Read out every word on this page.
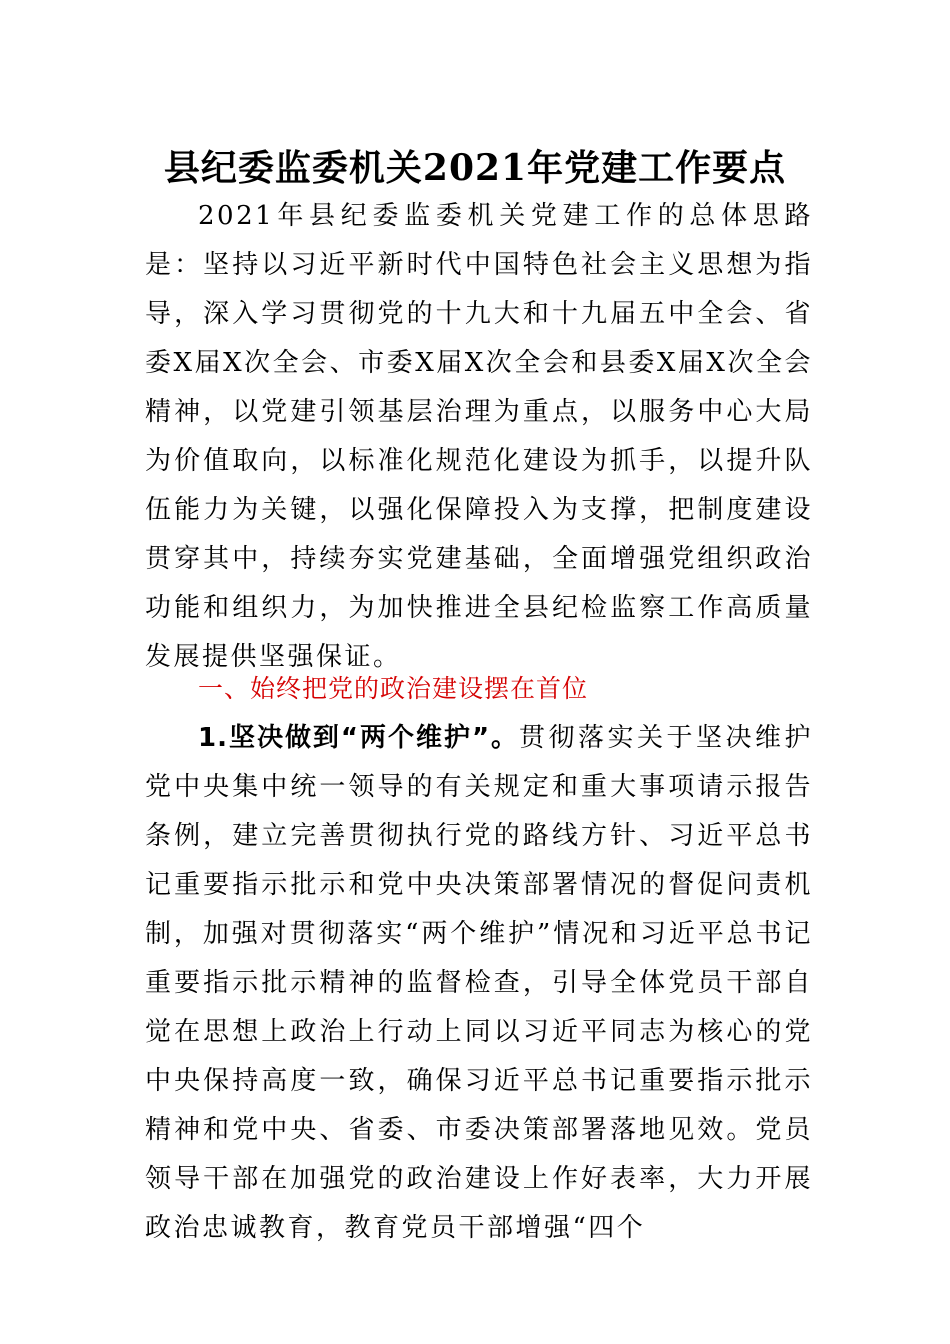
县纪委监委机关2021年党建工作要点

2021年县纪委监委机关党建工作的总体思路是：坚持以习近平新时代中国特色社会主义思想为指导，深入学习贯彻党的十九大和十九届五中全会、省委X届X次全会、市委X届X次全会和县委X届X次全会精神，以党建引领基层治理为重点，以服务中心大局为价值取向，以标准化规范化建设为抓手，以提升队伍能力为关键，以强化保障投入为支撑，把制度建设贯穿其中，持续夯实党建基础，全面增强党组织政治功能和组织力，为加快推进全县纪检监察工作高质量发展提供坚强保证。

一、始终把党的政治建设摆在首位

1.坚决做到“两个维护”。贯彻落实关于坚决维护党中央集中统一领导的有关规定和重大事项请示报告条例，建立完善贯彻执行党的路线方针、习近平总书记重要指示批示和党中央决策部署情况的督促问责机制，加强对贯彻落实“两个维护”情况和习近平总书记重要指示批示精神的监督检查，引导全体党员干部自觉在思想上政治上行动上同以习近平同志为核心的党中央保持高度一致，确保习近平总书记重要指示批示精神和党中央、省委、市委决策部署落地见效。党员领导干部在加强党的政治建设上作好表率，大力开展政治忠诚教育，教育党员干部增强“四个
